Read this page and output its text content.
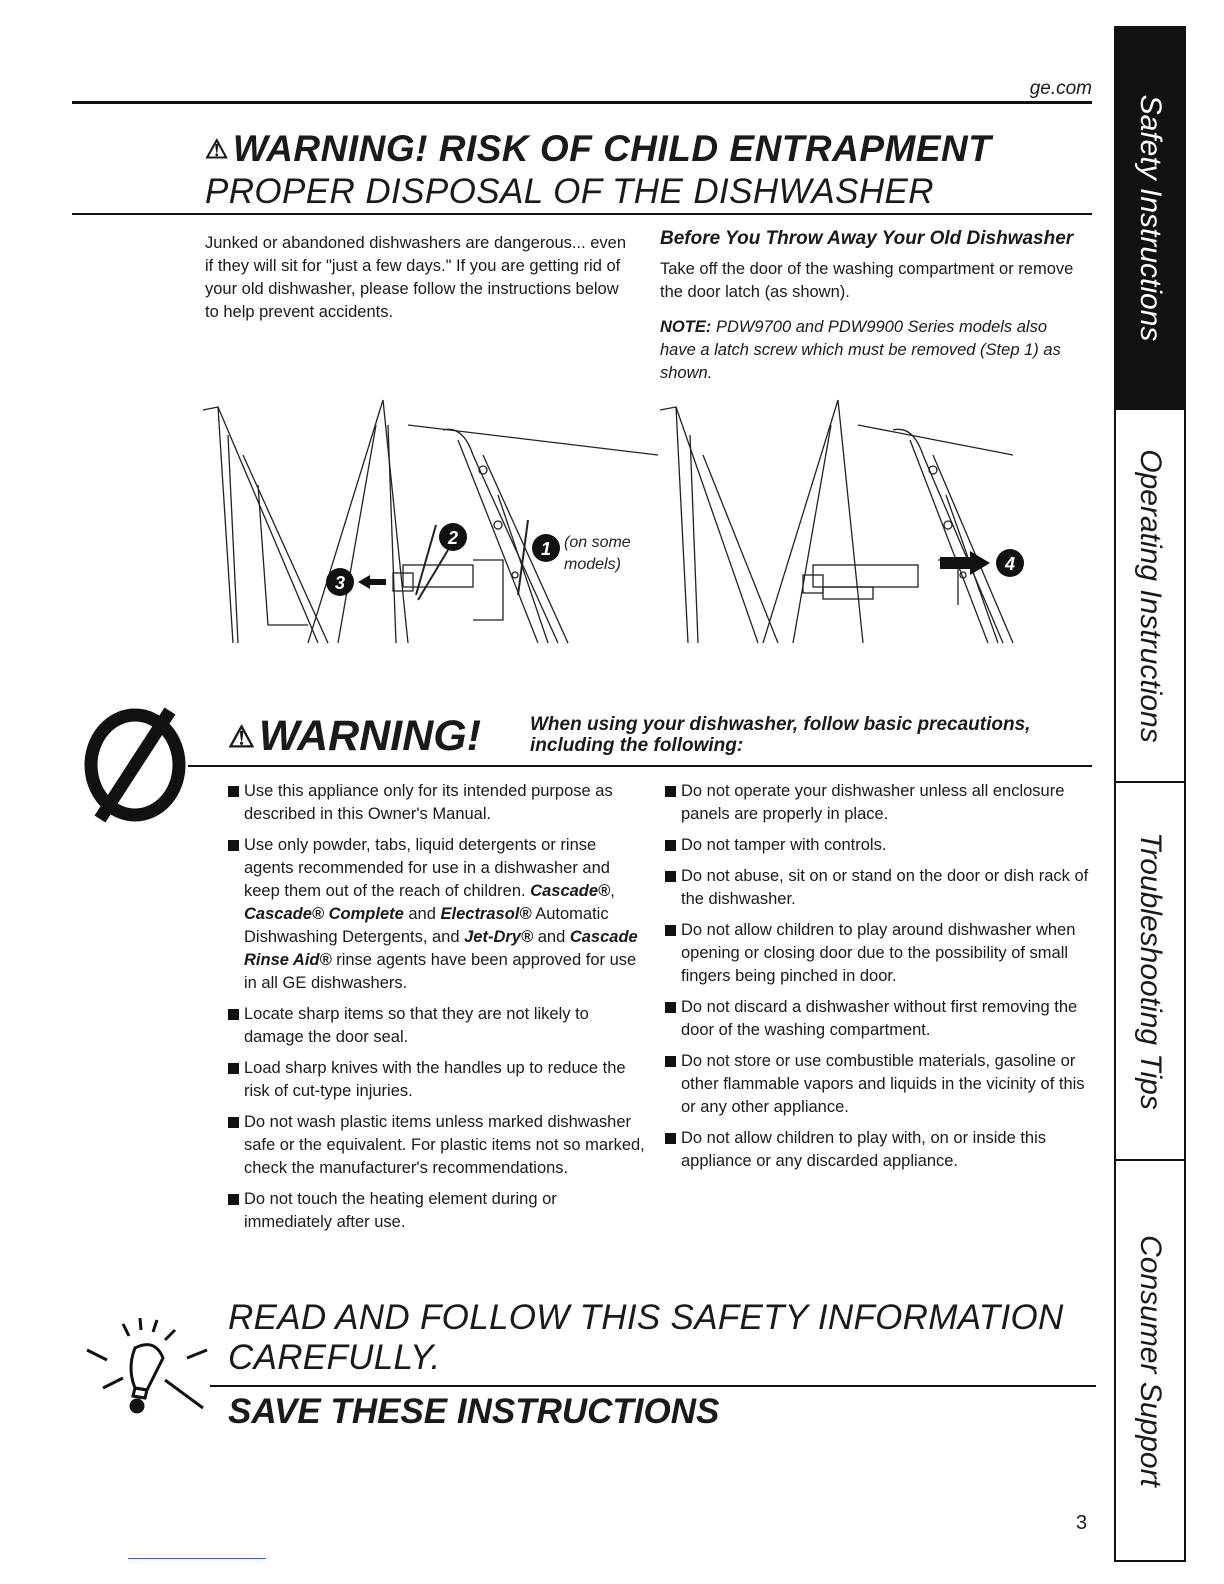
ge.com
⚠ WARNING! RISK OF CHILD ENTRAPMENT
PROPER DISPOSAL OF THE DISHWASHER
Junked or abandoned dishwashers are dangerous... even if they will sit for "just a few days." If you are getting rid of your old dishwasher, please follow the instructions below to help prevent accidents.
Before You Throw Away Your Old Dishwasher
Take off the door of the washing compartment or remove the door latch (as shown).
NOTE: PDW9700 and PDW9900 Series models also have a latch screw which must be removed (Step 1) as shown.
3
2
1 (on some
models)	4
⚠WARNING!	When using your dishwasher, follow basic precautions,
including the following:
Use this appliance only for its intended purpose as described in this Owner's Manual.
Use only powder, tabs, liquid detergents or rinse agents recommended for use in a dishwasher and keep them out of the reach of children. Cascade®, Cascade® Complete and Electrasol® Automatic Dishwashing Detergents, and Jet-Dry® and Cascade Rinse Aid® rinse agents have been approved for use in all GE dishwashers.
Locate sharp items so that they are not likely to damage the door seal.
Load sharp knives with the handles up to reduce the risk of cut-type injuries.
Do not wash plastic items unless marked dishwasher safe or the equivalent. For plastic items not so marked, check the manufacturer's recommendations.
Do not touch the heating element during or immediately after use.
Do not operate your dishwasher unless all enclosure panels are properly in place.
Do not tamper with controls.
Do not abuse, sit on or stand on the door or dish rack of the dishwasher.
Do not allow children to play around dishwasher when opening or closing door due to the possibility of small fingers being pinched in door.
Do not discard a dishwasher without first removing the door of the washing compartment.
Do not store or use combustible materials, gasoline or other flammable vapors and liquids in the vicinity of this or any other appliance.
Do not allow children to play with, on or inside this appliance or any discarded appliance.
READ AND FOLLOW THIS SAFETY INFORMATION
CAREFULLY.
SAVE THESE INSTRUCTIONS
3
Safety Instructions
Operating Instructions
Troubleshooting Tips
Consumer Support
